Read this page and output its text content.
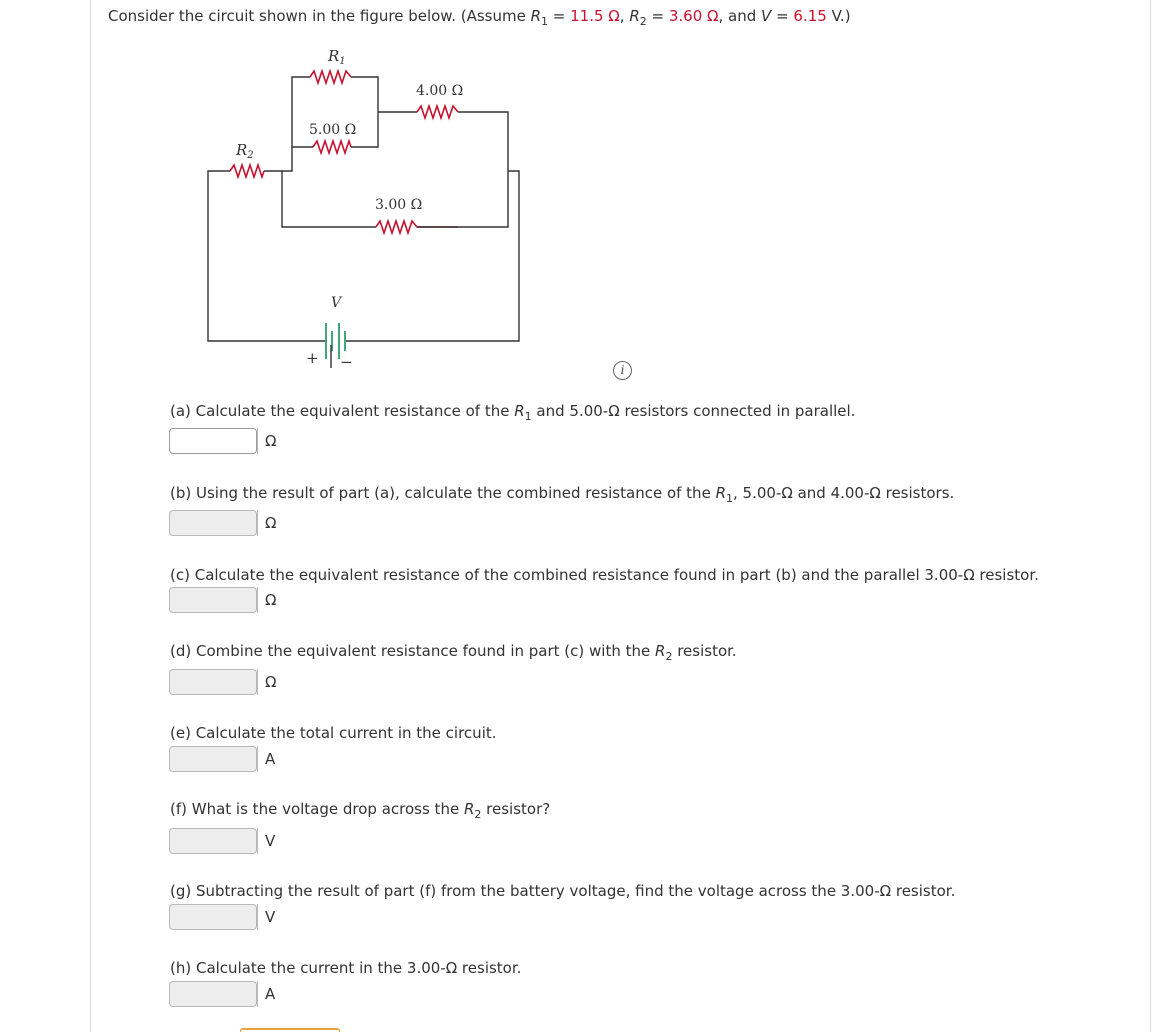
Consider the circuit shown in the figure below. (Assume $R_1 = 11.5$ Ω, $R_2 = 3.60$ Ω, and V = 6.15 V.)
$R_1$
4.00 Ω
5.00 Ω
$R_2$
3.00 Ω
V
+ −	i
(a) Calculate the equivalent resistance of the $R_1$ and 5.00-Ω resistors connected in parallel.
Ω
(b) Using the result of part (a), calculate the combined resistance of the $R_1$, 5.00-Ω and 4.00-Ω resistors.
Ω
(c) Calculate the equivalent resistance of the combined resistance found in part (b) and the parallel 3.00-Ω resistor.
Ω
(d) Combine the equivalent resistance found in part (c) with the $R_2$ resistor.
Ω
(e) Calculate the total current in the circuit.
A
(f) What is the voltage drop across the $R_2$ resistor?
V
(g) Subtracting the result of part (f) from the battery voltage, find the voltage across the 3.00-Ω resistor.
V
(h) Calculate the current in the 3.00-Ω resistor.
A
